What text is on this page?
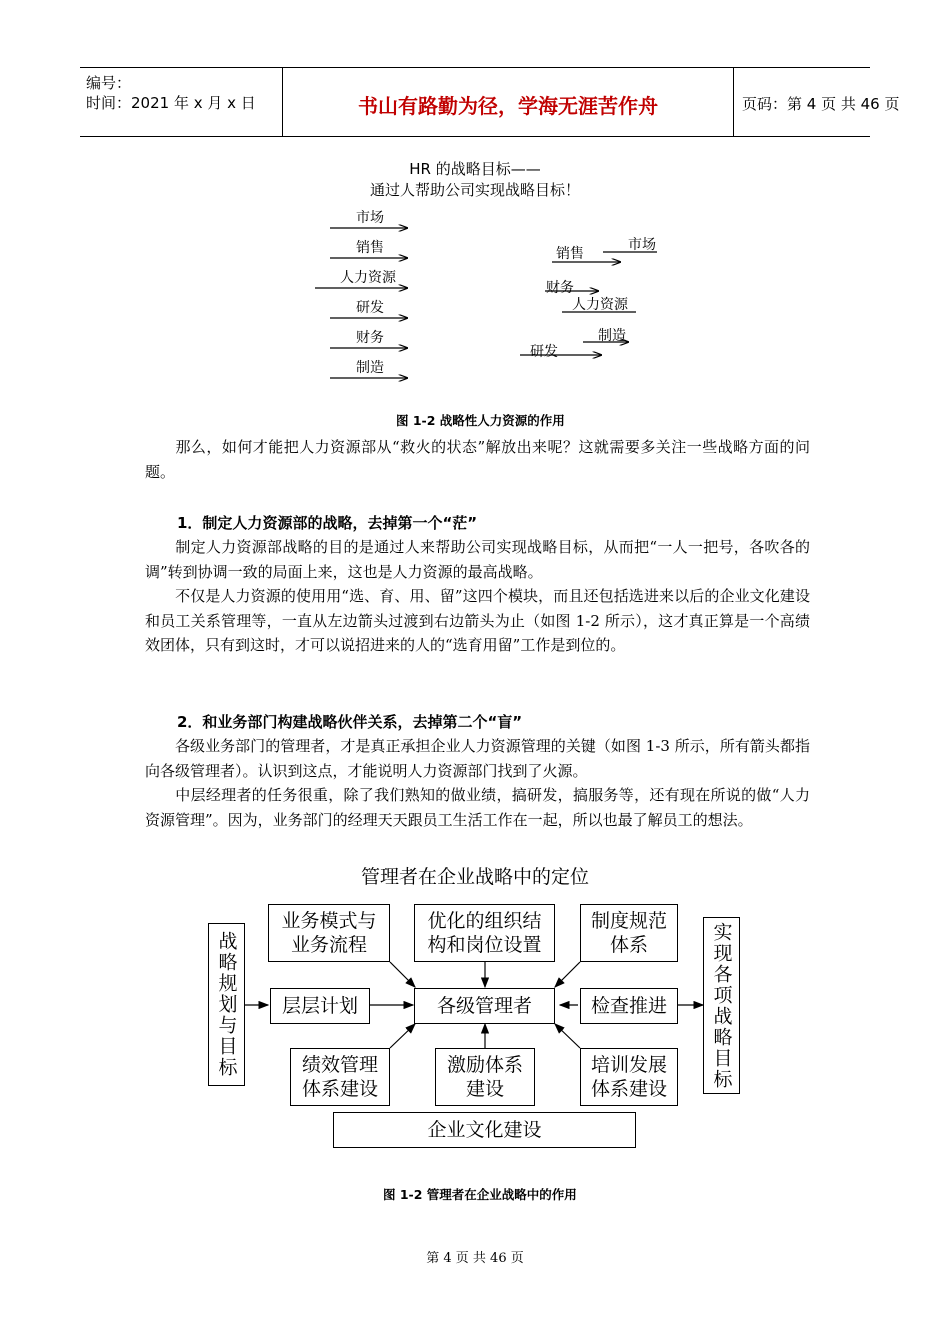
编号：
时间：2021 年 x 月 x 日	书山有路勤为径，学海无涯苦作舟	页码：第 4 页 共 46 页
HR 的战略目标——
通过人帮助公司实现战略目标！
市场
销售
人力资源
研发
财务
制造
销售
市场
财务
人力资源
制造
研发
图 1-2 战略性人力资源的作用
那么，如何才能把人力资源部从“救火的状态”解放出来呢？这就需要多关注一些战略方面的问题。
1．制定人力资源部的战略，去掉第一个“茫”
制定人力资源部战略的目的是通过人来帮助公司实现战略目标，从而把“一人一把号，各吹各的调”转到协调一致的局面上来，这也是人力资源的最高战略。
不仅是人力资源的使用用“选、育、用、留”这四个模块，而且还包括选进来以后的企业文化建设和员工关系管理等，一直从左边箭头过渡到右边箭头为止（如图 1-2 所示），这才真正算是一个高绩效团体，只有到这时，才可以说招进来的人的“选育用留”工作是到位的。
2．和业务部门构建战略伙伴关系，去掉第二个“盲”
各级业务部门的管理者，才是真正承担企业人力资源管理的关键（如图 1-3 所示，所有箭头都指向各级管理者）。认识到这点，才能说明人力资源部门找到了火源。
中层经理者的任务很重，除了我们熟知的做业绩，搞研发，搞服务等，还有现在所说的做“人力资源管理”。因为，业务部门的经理天天跟员工生活工作在一起，所以也最了解员工的想法。
管理者在企业战略中的定位
战略规划与目标	实现各项战略目标
业务模式与业务流程
优化的组织结构和岗位设置
制度规范体系
层层计划	各级管理者	检查推进
绩效管理体系建设
激励体系建设
培训发展体系建设
企业文化建设
图 1-2 管理者在企业战略中的作用
第 4 页 共 46 页
